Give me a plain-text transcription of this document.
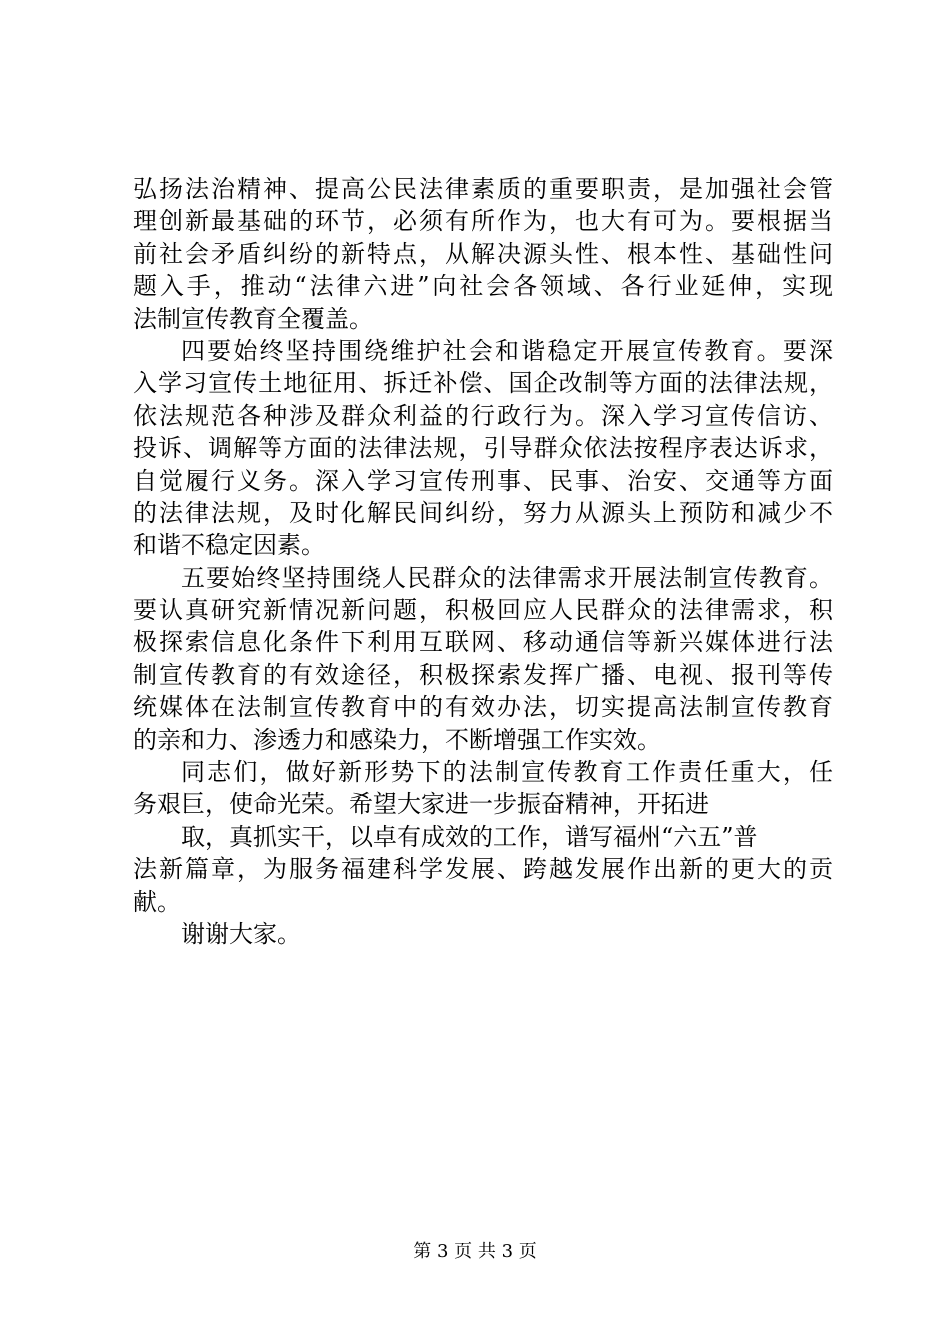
弘扬法治精神、提高公民法律素质的重要职责，是加强社会管
理创新最基础的环节，必须有所作为，也大有可为。要根据当
前社会矛盾纠纷的新特点，从解决源头性、根本性、基础性问
题入手，推动“法律六进”向社会各领域、各行业延伸，实现
法制宣传教育全覆盖。
四要始终坚持围绕维护社会和谐稳定开展宣传教育。要深
入学习宣传土地征用、拆迁补偿、国企改制等方面的法律法规，
依法规范各种涉及群众利益的行政行为。深入学习宣传信访、
投诉、调解等方面的法律法规，引导群众依法按程序表达诉求，
自觉履行义务。深入学习宣传刑事、民事、治安、交通等方面
的法律法规，及时化解民间纠纷，努力从源头上预防和减少不
和谐不稳定因素。
五要始终坚持围绕人民群众的法律需求开展法制宣传教育。
要认真研究新情况新问题，积极回应人民群众的法律需求，积
极探索信息化条件下利用互联网、移动通信等新兴媒体进行法
制宣传教育的有效途径，积极探索发挥广播、电视、报刊等传
统媒体在法制宣传教育中的有效办法，切实提高法制宣传教育
的亲和力、渗透力和感染力，不断增强工作实效。
同志们，做好新形势下的法制宣传教育工作责任重大，任
务艰巨，使命光荣。希望大家进一步振奋精神，开拓进
取，真抓实干，以卓有成效的工作，谱写福州“六五”普
法新篇章，为服务福建科学发展、跨越发展作出新的更大的贡
献。
谢谢大家。
第 3 页 共 3 页
